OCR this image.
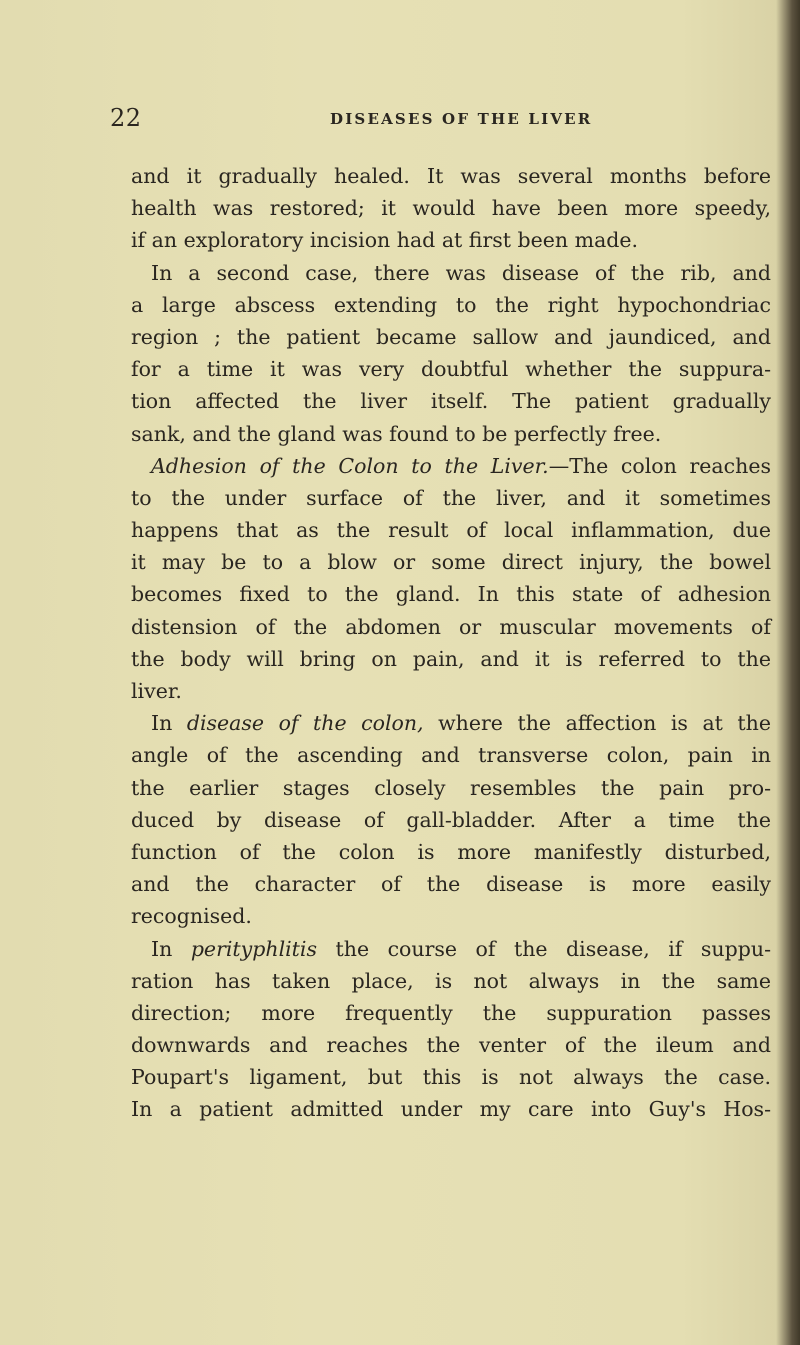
22	DISEASES OF THE LIVER
and it gradually healed. It was several months before
health was restored; it would have been more speedy,
if an exploratory incision had at first been made.
In a second case, there was disease of the rib, and
a large abscess extending to the right hypochondriac
region ; the patient became sallow and jaundiced, and
for a time it was very doubtful whether the suppura-
tion affected the liver itself. The patient gradually
sank, and the gland was found to be perfectly free.
Adhesion of the Colon to the Liver.—The colon reaches
to the under surface of the liver, and it sometimes
happens that as the result of local inflammation, due
it may be to a blow or some direct injury, the bowel
becomes fixed to the gland. In this state of adhesion
distension of the abdomen or muscular movements of
the body will bring on pain, and it is referred to the
liver.
In disease of the colon, where the affection is at the
angle of the ascending and transverse colon, pain in
the earlier stages closely resembles the pain pro-
duced by disease of gall-bladder. After a time the
function of the colon is more manifestly disturbed,
and the character of the disease is more easily
recognised.
In perityphlitis the course of the disease, if suppu-
ration has taken place, is not always in the same
direction; more frequently the suppuration passes
downwards and reaches the venter of the ileum and
Poupart's ligament, but this is not always the case.
In a patient admitted under my care into Guy's Hos-
